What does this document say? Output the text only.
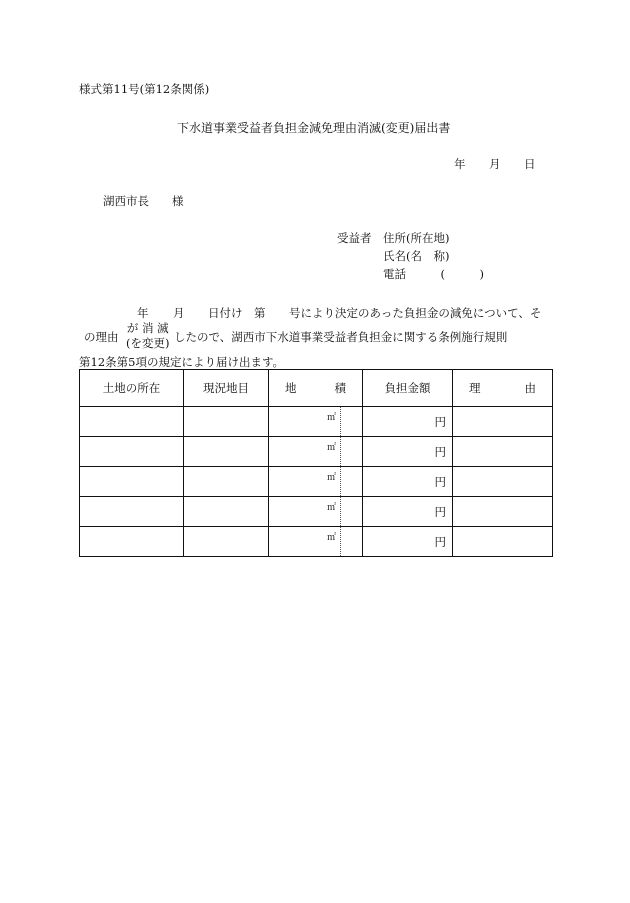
様式第11号(第12条関係)
下水道事業受益者負担金減免理由消滅(変更)届出書
年 月 日
湖西市長 様
受益者 住所(所在地)
氏名(名　称)
電話　　　(　　　)
年 月 日付け　第 号により決定のあった負担金の減免について、そ
の理由
が 消 滅
(を変更) したので、湖西市下水道事業受益者負担金に関する条例施行規則
第12条第5項の規定により届け出ます。
土地の所在	現況地目	地 積		負担金額	理 由

		㎡		円	

		㎡		円	

		㎡		円	

		㎡		円	

		㎡		円	
